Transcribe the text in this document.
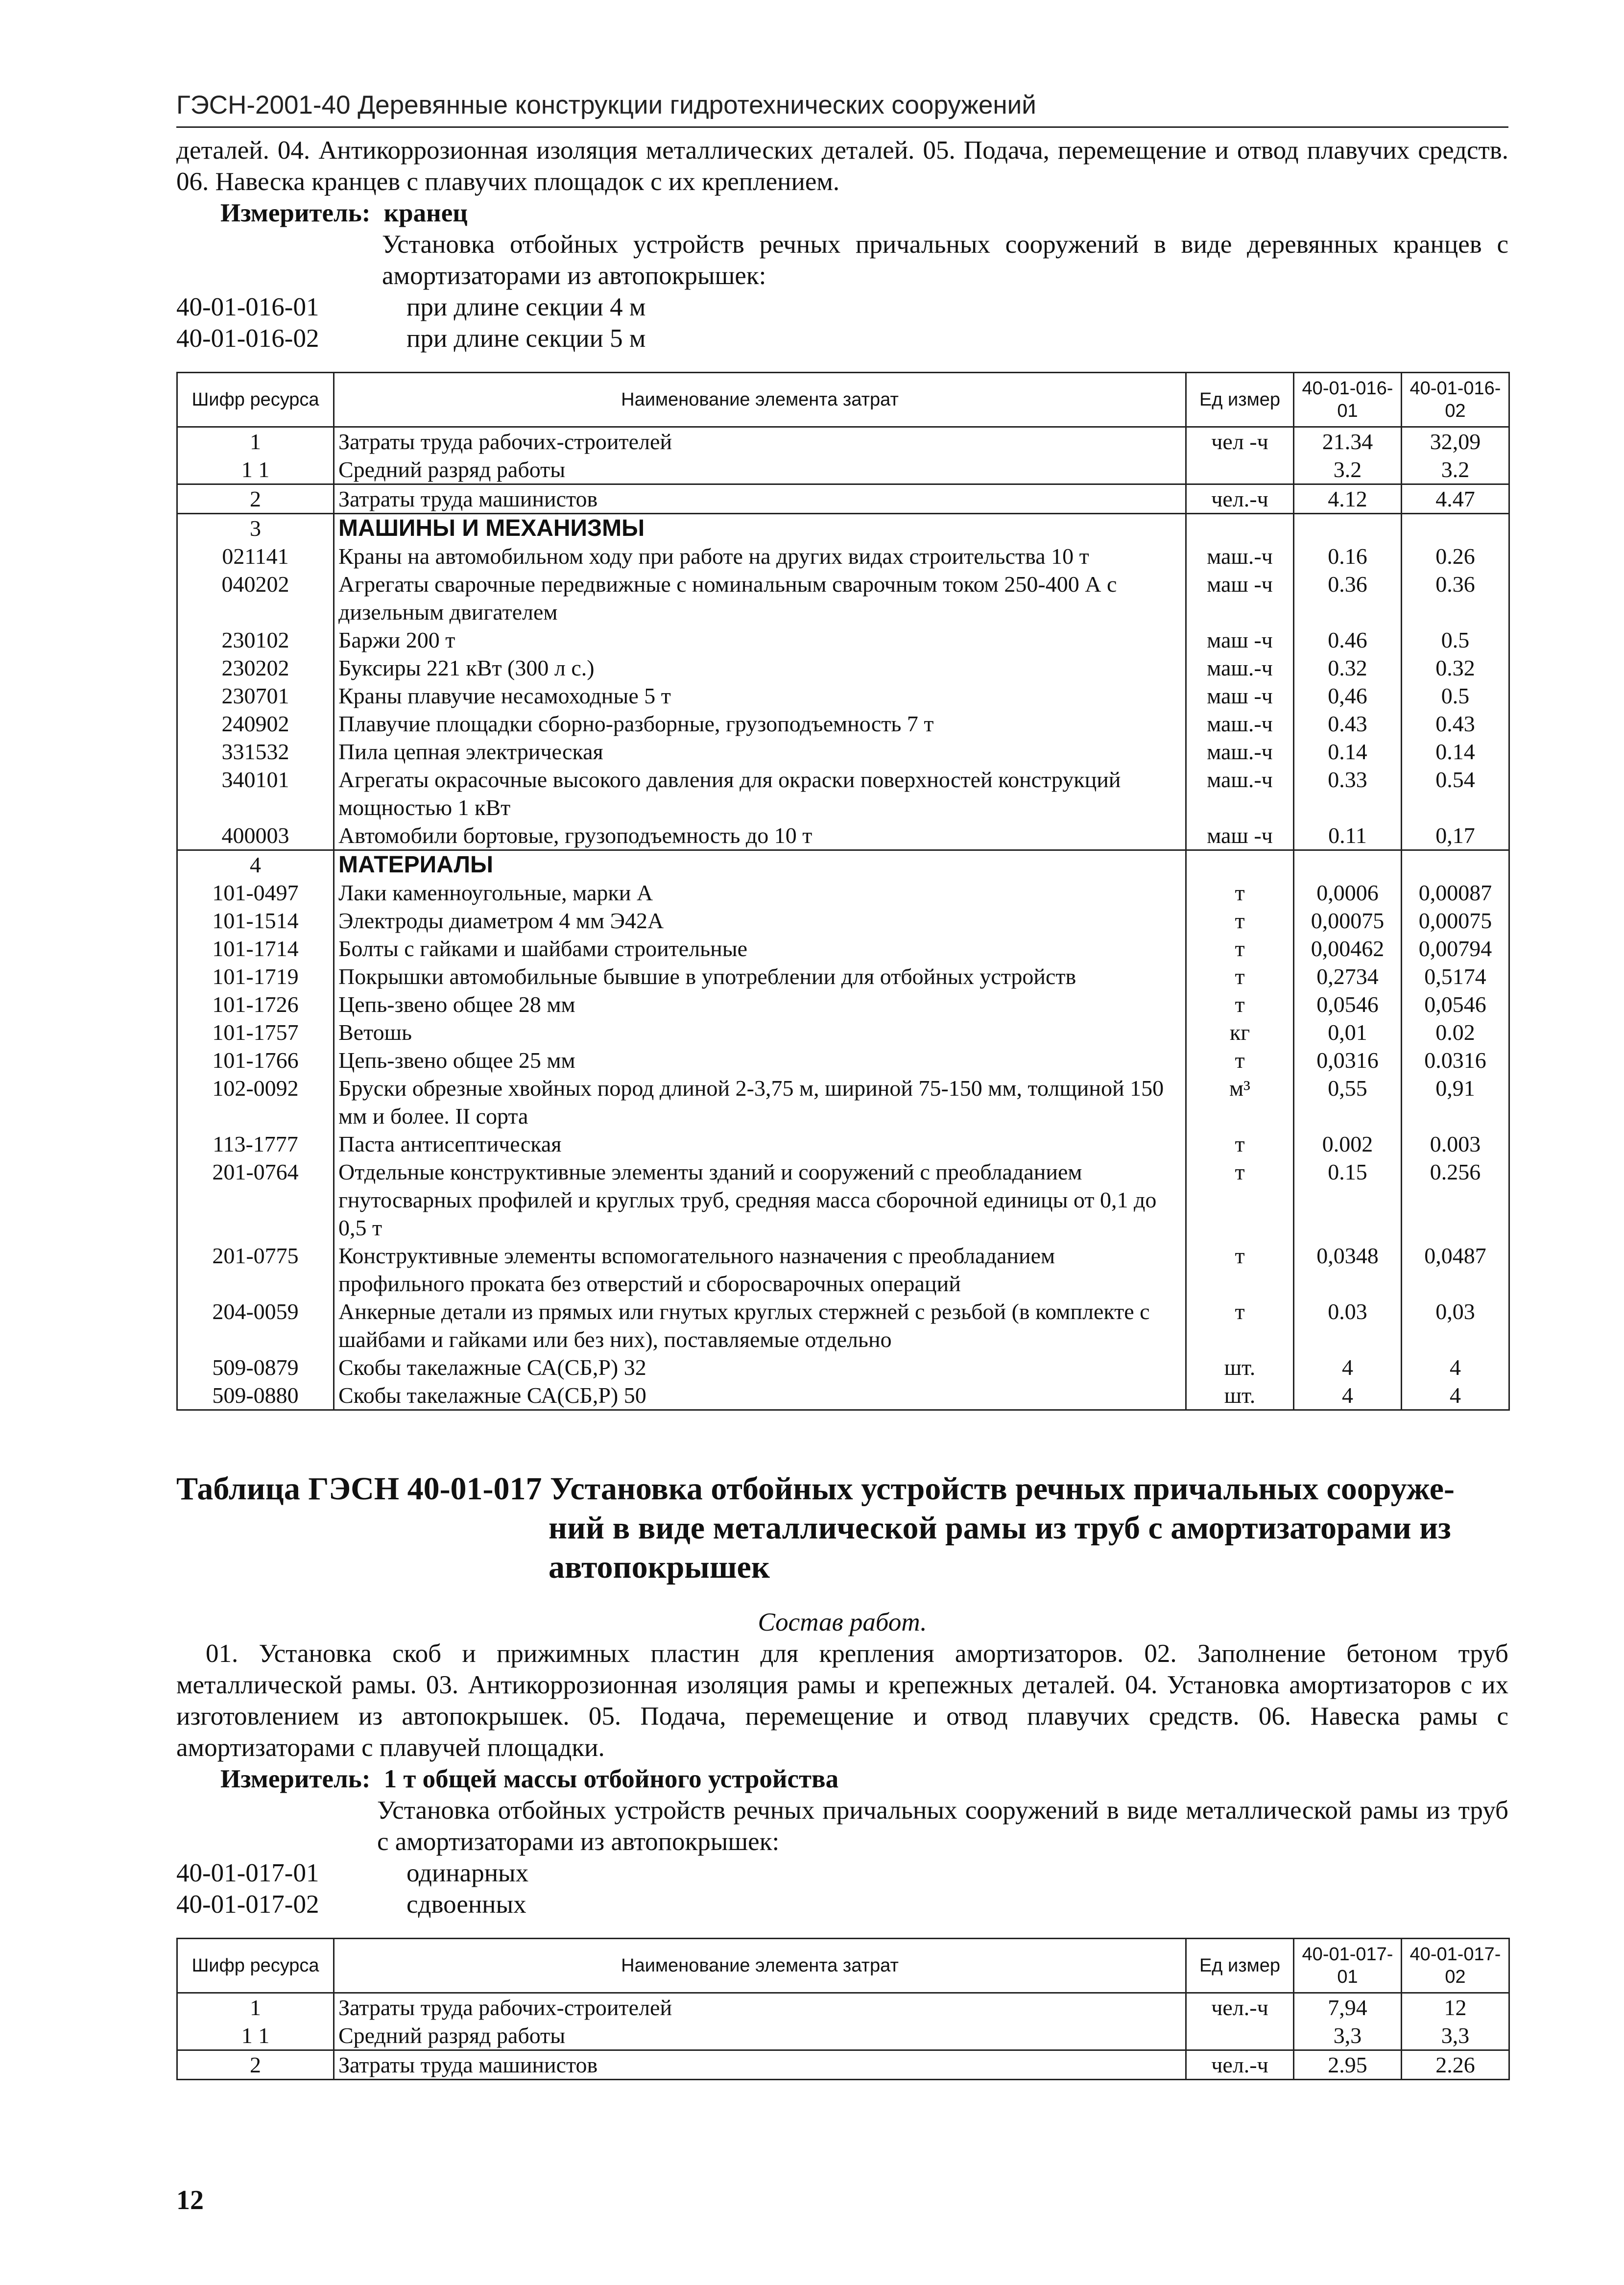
ГЭСН-2001-40 Деревянные конструкции гидротехнических сооружений
деталей. 04. Антикоррозионная изоляция металлических деталей. 05. Подача, перемещение и отвод плавучих средств. 06. Навеска кранцев с плавучих площадок с их креплением.
Измеритель: кранец
Установка отбойных устройств речных причальных сооружений в виде деревянных кранцев с амортизаторами из автопокрышек:
40-01-016-01	при длине секции 4 м
40-01-016-02	при длине секции 5 м
Шифр ресурса	Наименование элемента затрат	Ед измер	40-01-016-01	40-01-016-02
1	Затраты труда рабочих-строителей	чел -ч	21.34	32,09
1 1	Средний разряд работы		3.2	3.2
2	Затраты труда машинистов	чел.-ч	4.12	4.47
3	МАШИНЫ И МЕХАНИЗМЫ			
021141	Краны на автомобильном ходу при работе на других видах строительства 10 т	маш.-ч	0.16	0.26
040202	Агрегаты сварочные передвижные с номинальным сварочным током 250-400 А с дизельным двигателем	маш -ч	0.36	0.36
230102	Баржи 200 т	маш -ч	0.46	0.5
230202	Буксиры 221 кВт (300 л с.)	маш.-ч	0.32	0.32
230701	Краны плавучие несамоходные 5 т	маш -ч	0,46	0.5
240902	Плавучие площадки сборно-разборные, грузоподъемность 7 т	маш.-ч	0.43	0.43
331532	Пила цепная электрическая	маш.-ч	0.14	0.14
340101	Агрегаты окрасочные высокого давления для окраски поверхностей конструкций мощностью 1 кВт	маш.-ч	0.33	0.54
400003	Автомобили бортовые, грузоподъемность до 10 т	маш -ч	0.11	0,17
4	МАТЕРИАЛЫ			
101-0497	Лаки каменноугольные, марки А	т	0,0006	0,00087
101-1514	Электроды диаметром 4 мм Э42А	т	0,00075	0,00075
101-1714	Болты с гайками и шайбами строительные	т	0,00462	0,00794
101-1719	Покрышки автомобильные бывшие в употреблении для отбойных устройств	т	0,2734	0,5174
101-1726	Цепь-звено общее 28 мм	т	0,0546	0,0546
101-1757	Ветошь	кг	0,01	0.02
101-1766	Цепь-звено общее 25 мм	т	0,0316	0.0316
102-0092	Бруски обрезные хвойных пород длиной 2-3,75 м, шириной 75-150 мм, толщиной 150 мм и более. II сорта	м³	0,55	0,91
113-1777	Паста антисептическая	т	0.002	0.003
201-0764	Отдельные конструктивные элементы зданий и сооружений с преобладанием гнутосварных профилей и круглых труб, средняя масса сборочной единицы от 0,1 до 0,5 т	т	0.15	0.256
201-0775	Конструктивные элементы вспомогательного назначения с преобладанием профильного проката без отверстий и сборосварочных операций	т	0,0348	0,0487
204-0059	Анкерные детали из прямых или гнутых круглых стержней с резьбой (в комплекте с шайбами и гайками или без них), поставляемые отдельно	т	0.03	0,03
509-0879	Скобы такелажные СА(СБ,Р) 32	шт.	4	4
509-0880	Скобы такелажные СА(СБ,Р) 50	шт.	4	4
Таблица ГЭСН 40-01-017 Установка отбойных устройств речных причальных сооруже-
ний в виде металлической рамы из труб с амортизаторами из
автопокрышек
Состав работ.
01. Установка скоб и прижимных пластин для крепления амортизаторов. 02. Заполнение бетоном труб металлической рамы. 03. Антикоррозионная изоляция рамы и крепежных деталей. 04. Установка амортизаторов с их изготовлением из автопокрышек. 05. Подача, перемещение и отвод плавучих средств. 06. Навеска рамы с амортизаторами с плавучей площадки.
Измеритель: 1 т общей массы отбойного устройства
Установка отбойных устройств речных причальных сооружений в виде металлической рамы из труб с амортизаторами из автопокрышек:
40-01-017-01	одинарных
40-01-017-02	сдвоенных
Шифр ресурса	Наименование элемента затрат	Ед измер	40-01-017-01	40-01-017-02
1	Затраты труда рабочих-строителей	чел.-ч	7,94	12
1 1	Средний разряд работы		3,3	3,3
2	Затраты труда машинистов	чел.-ч	2.95	2.26
12
